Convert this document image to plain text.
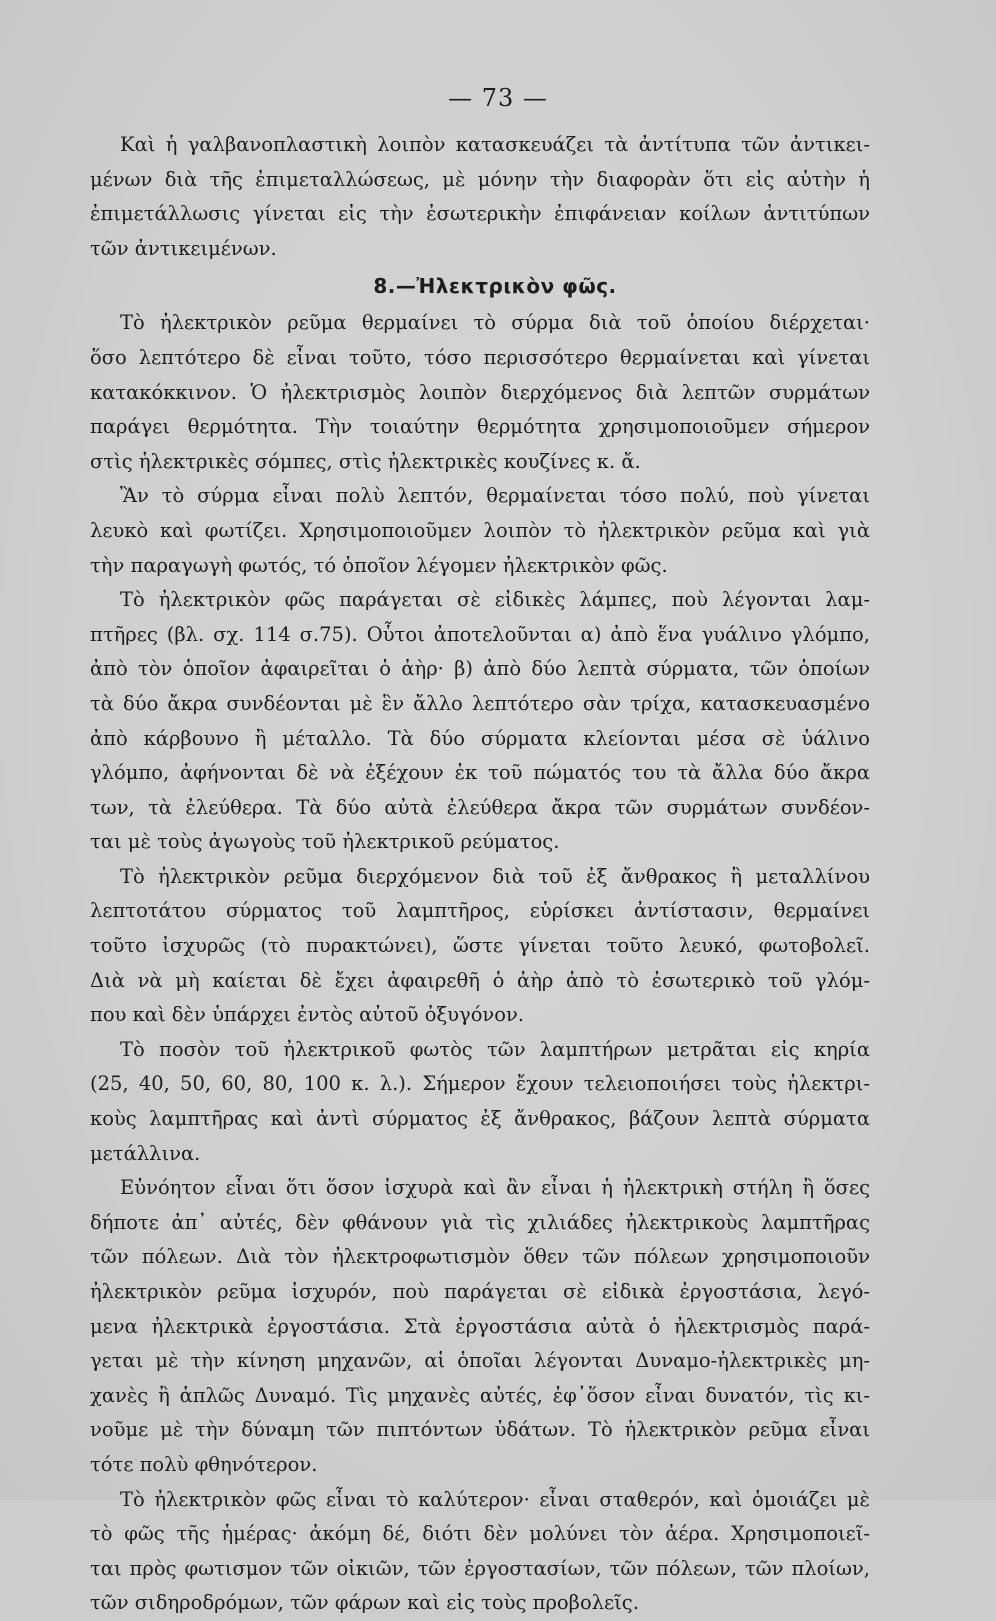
— 73 —
Καὶ ἡ γαλβανοπλαστικὴ λοιπὸν κατασκευάζει τὰ ἀντίτυπα τῶν ἀντικει-
μένων διὰ τῆς ἐπιμεταλλώσεως, μὲ μόνην τὴν διαφορὰν ὅτι εἰς αὐτὴν ἡ
ἐπιμετάλλωσις γίνεται εἰς τὴν ἐσωτερικὴν ἐπιφάνειαν κοίλων ἀντιτύπων
τῶν ἀντικειμένων.
8.—Ἠλεκτρικὸν φῶς.
Τὸ ἠλεκτρικὸν ρεῦμα θερμαίνει τὸ σύρμα διὰ τοῦ ὁποίου διέρχεται·
ὅσο λεπτότερο δὲ εἶναι τοῦτο, τόσο περισσότερο θερμαίνεται καὶ γίνεται
κατακόκκινον. Ὁ ἠλεκτρισμὸς λοιπὸν διερχόμενος διὰ λεπτῶν συρμάτων
παράγει θερμότητα. Τὴν τοιαύτην θερμότητα χρησιμοποιοῦμεν σήμερον
στὶς ἠλεκτρικὲς σόμπες, στὶς ἠλεκτρικὲς κουζίνες κ. ἄ.
Ἂν τὸ σύρμα εἶναι πολὺ λεπτόν, θερμαίνεται τόσο πολύ, ποὺ γίνεται
λευκὸ καὶ φωτίζει. Χρησιμοποιοῦμεν λοιπὸν τὸ ἠλεκτρικὸν ρεῦμα καὶ γιὰ
τὴν παραγωγὴ φωτός, τό ὁποῖον λέγομεν ἠλεκτρικὸν φῶς.
Τὸ ἠλεκτρικὸν φῶς παράγεται σὲ εἰδικὲς λάμπες, ποὺ λέγονται λαμ-
πτῆρες (βλ. σχ. 114 σ.75). Οὗτοι ἀποτελοῦνται α) ἀπὸ ἕνα γυάλινο γλόμπο,
ἀπὸ τὸν ὁποῖον ἀφαιρεῖται ὁ ἀὴρ· β) ἀπὸ δύο λεπτὰ σύρματα, τῶν ὁποίων
τὰ δύο ἄκρα συνδέονται μὲ ἓν ἄλλο λεπτότερο σὰν τρίχα, κατασκευασμένο
ἀπὸ κάρβουνο ἢ μέταλλο. Τὰ δύο σύρματα κλείονται μέσα σὲ ὑάλινο
γλόμπο, ἀφήνονται δὲ νὰ ἐξέχουν ἐκ τοῦ πώματός του τὰ ἄλλα δύο ἄκρα
των, τὰ ἐλεύθερα. Τὰ δύο αὐτὰ ἐλεύθερα ἄκρα τῶν συρμάτων συνδέον-
ται μὲ τοὺς ἀγωγοὺς τοῦ ἠλεκτρικοῦ ρεύματος.
Τὸ ἠλεκτρικὸν ρεῦμα διερχόμενον διὰ τοῦ ἐξ ἄνθρακος ἢ μεταλλίνου
λεπτοτάτου σύρματος τοῦ λαμπτῆρος, εὑρίσκει ἀντίστασιν, θερμαίνει
τοῦτο ἰσχυρῶς (τὸ πυρακτώνει), ὥστε γίνεται τοῦτο λευκό, φωτοβολεῖ.
Διὰ νὰ μὴ καίεται δὲ ἔχει ἀφαιρεθῆ ὁ ἀὴρ ἀπὸ τὸ ἐσωτερικὸ τοῦ γλόμ-
που καὶ δὲν ὑπάρχει ἐντὸς αὐτοῦ ὀξυγόνον.
Τὸ ποσὸν τοῦ ἠλεκτρικοῦ φωτὸς τῶν λαμπτήρων μετρᾶται εἰς κηρία
(25, 40, 50, 60, 80, 100 κ. λ.). Σήμερον ἔχουν τελειοποιήσει τοὺς ἠλεκτρι-
κοὺς λαμπτῆρας καὶ ἀντὶ σύρματος ἐξ ἄνθρακος, βάζουν λεπτὰ σύρματα
μετάλλινα.
Εὐνόητον εἶναι ὅτι ὅσον ἰσχυρὰ καὶ ἂν εἶναι ἡ ἠλεκτρικὴ στήλη ἢ ὅσες
δήποτε ἀπ᾽ αὐτές, δὲν φθάνουν γιὰ τὶς χιλιάδες ἠλεκτρικοὺς λαμπτῆρας
τῶν πόλεων. Διὰ τὸν ἠλεκτροφωτισμὸν ὅθεν τῶν πόλεων χρησιμοποιοῦν
ἠλεκτρικὸν ρεῦμα ἰσχυρόν, ποὺ παράγεται σὲ εἰδικὰ ἐργοστάσια, λεγό-
μενα ἠλεκτρικὰ ἐργοστάσια. Στὰ ἐργοστάσια αὐτὰ ὁ ἠλεκτρισμὸς παρά-
γεται μὲ τὴν κίνηση μηχανῶν, αἱ ὁποῖαι λέγονται Δυναμο-ἠλεκτρικὲς μη-
χανὲς ἢ ἁπλῶς Δυναμό. Τὶς μηχανὲς αὐτές, ἐφ᾽ὅσον εἶναι δυνατόν, τὶς κι-
νοῦμε μὲ τὴν δύναμη τῶν πιπτόντων ὑδάτων. Τὸ ἠλεκτρικὸν ρεῦμα εἶναι
τότε πολὺ φθηνότερον.
Τὸ ἠλεκτρικὸν φῶς εἶναι τὸ καλύτερον· εἶναι σταθερόν, καὶ ὁμοιάζει μὲ
τὸ φῶς τῆς ἡμέρας· ἀκόμη δέ, διότι δὲν μολύνει τὸν ἀέρα. Χρησιμοποιεῖ-
ται πρὸς φωτισμον τῶν οἰκιῶν, τῶν ἐργοστασίων, τῶν πόλεων, τῶν πλοίων,
τῶν σιδηροδρόμων, τῶν φάρων καὶ εἰς τοὺς προβολεῖς.
